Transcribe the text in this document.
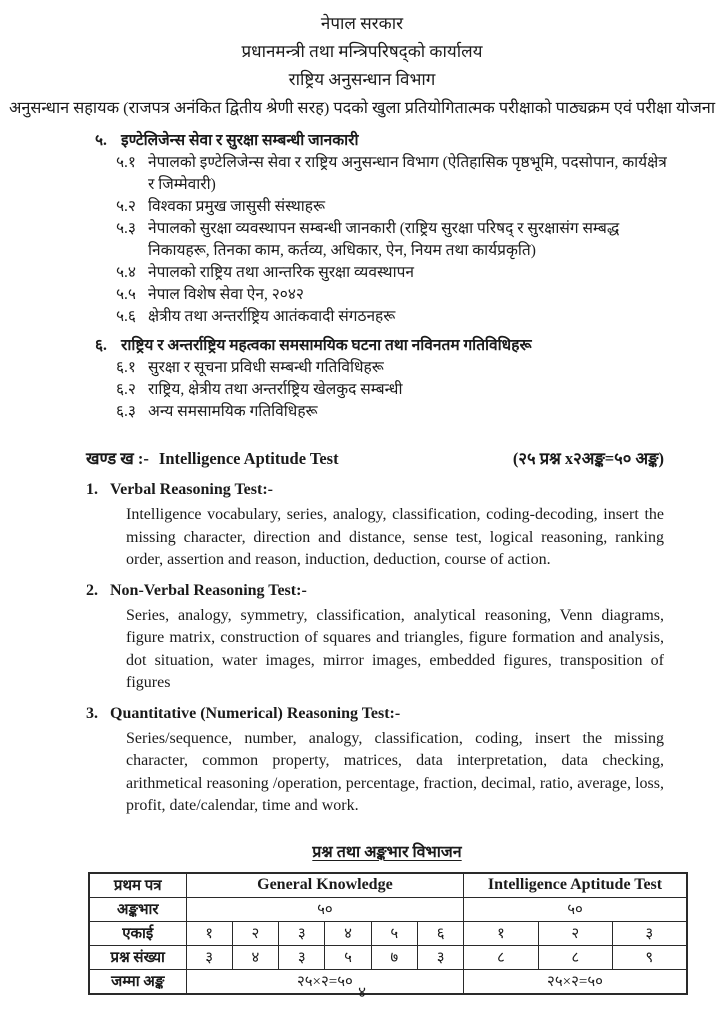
नेपाल सरकार
प्रधानमन्त्री तथा मन्त्रिपरिषद्को कार्यालय
राष्ट्रिय अनुसन्धान विभाग
अनुसन्धान सहायक (राजपत्र अनंकित द्वितीय श्रेणी सरह) पदको खुला प्रतियोगितात्मक परीक्षाको पाठ्यक्रम एवं परीक्षा योजना
५. इण्टेलिजेन्स सेवा र सुरक्षा सम्बन्धी जानकारी
५.१ नेपालको इण्टेलिजेन्स सेवा र राष्ट्रिय अनुसन्धान विभाग (ऐतिहासिक पृष्ठभूमि, पदसोपान, कार्यक्षेत्र र जिम्मेवारी)
५.२ विश्वका प्रमुख जासुसी संस्थाहरू
५.३ नेपालको सुरक्षा व्यवस्थापन सम्बन्धी जानकारी (राष्ट्रिय सुरक्षा परिषद् र सुरक्षासंग सम्बद्ध निकायहरू, तिनका काम, कर्तव्य, अधिकार, ऐन, नियम तथा कार्यप्रकृति)
५.४ नेपालको राष्ट्रिय तथा आन्तरिक सुरक्षा व्यवस्थापन
५.५ नेपाल विशेष सेवा ऐन, २०४२
५.६ क्षेत्रीय तथा अन्तर्राष्ट्रिय आतंकवादी संगठनहरू
६. राष्ट्रिय र अन्तर्राष्ट्रिय महत्वका समसामयिक घटना तथा नविनतम गतिविधिहरू
६.१ सुरक्षा र सूचना प्रविधी सम्बन्धी गतिविधिहरू
६.२ राष्ट्रिय, क्षेत्रीय तथा अन्तर्राष्ट्रिय खेलकुद सम्बन्धी
६.३ अन्य समसामयिक गतिविधिहरू
खण्ड ख :- Intelligence Aptitude Test	(२५ प्रश्न x२अङ्क=५० अङ्क)
1. Verbal Reasoning Test:-
Intelligence vocabulary, series, analogy, classification, coding-decoding, insert the missing character, direction and distance, sense test, logical reasoning, ranking order, assertion and reason, induction, deduction, course of action.
2. Non-Verbal Reasoning Test:-
Series, analogy, symmetry, classification, analytical reasoning, Venn diagrams, figure matrix, construction of squares and triangles, figure formation and analysis, dot situation, water images, mirror images, embedded figures, transposition of figures
3. Quantitative (Numerical) Reasoning Test:-
Series/sequence, number, analogy, classification, coding, insert the missing character, common property, matrices, data interpretation, data checking, arithmetical reasoning /operation, percentage, fraction, decimal, ratio, average, loss, profit, date/calendar, time and work.
प्रश्न तथा अङ्कभार विभाजन
प्रथम पत्र	General Knowledge						Intelligence Aptitude Test		
अङ्कभार	५०						५०		
एकाई	१	२	३	४	५	६	१	२	३
प्रश्न संख्या	३	४	३	५	७	३	८	८	९
जम्मा अङ्क	२५×२=५०						२५×२=५०		
४
